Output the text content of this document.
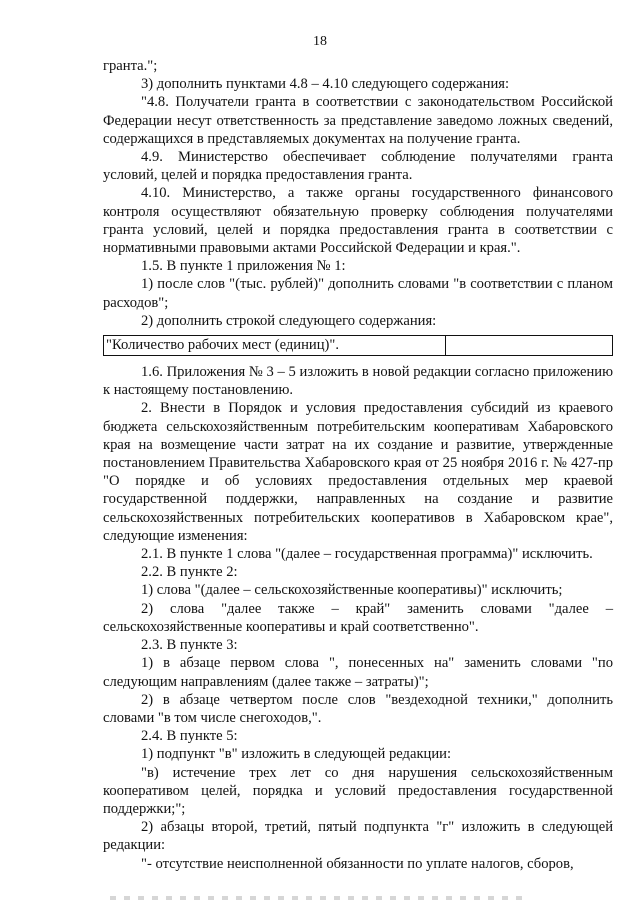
18

гранта.";

3) дополнить пунктами 4.8 – 4.10 следующего содержания:

"4.8. Получатели гранта в соответствии с законодательством Российской Федерации несут ответственность за представление заведомо ложных сведений, содержащихся в представляемых документах на получение гранта.

4.9. Министерство обеспечивает соблюдение получателями гранта условий, целей и порядка предоставления гранта.

4.10. Министерство, а также органы государственного финансового контроля осуществляют обязательную проверку соблюдения получателями гранта условий, целей и порядка предоставления гранта в соответствии с нормативными правовыми актами Российской Федерации и края.".

1.5. В пункте 1 приложения № 1:

1) после слов "(тыс. рублей)" дополнить словами "в соответствии с планом расходов";

2) дополнить строкой следующего содержания:

"Количество рабочих мест (единиц)".

1.6. Приложения № 3 – 5 изложить в новой редакции согласно приложению к настоящему постановлению.

2. Внести в Порядок и условия предоставления субсидий из краевого бюджета сельскохозяйственным потребительским кооперативам Хабаровского края на возмещение части затрат на их создание и развитие, утвержденные постановлением Правительства Хабаровского края от 25 ноября 2016 г. № 427-пр "О порядке и об условиях предоставления отдельных мер краевой государственной поддержки, направленных на создание и развитие сельскохозяйственных потребительских кооперативов в Хабаровском крае", следующие изменения:

2.1. В пункте 1 слова "(далее – государственная программа)" исключить.

2.2. В пункте 2:

1) слова "(далее – сельскохозяйственные кооперативы)" исключить;

2) слова "далее также – край" заменить словами "далее – сельскохозяйственные кооперативы и край соответственно".

2.3. В пункте 3:

1) в абзаце первом слова ", понесенных на" заменить словами "по следующим направлениям (далее также – затраты)";

2) в абзаце четвертом после слов "вездеходной техники," дополнить словами "в том числе снегоходов,".

2.4. В пункте 5:

1) подпункт "в" изложить в следующей редакции:

"в) истечение трех лет со дня нарушения сельскохозяйственным кооперативом целей, порядка и условий предоставления государственной поддержки;";

2) абзацы второй, третий, пятый подпункта "г" изложить в следующей редакции:

"- отсутствие неисполненной обязанности по уплате налогов, сборов,
